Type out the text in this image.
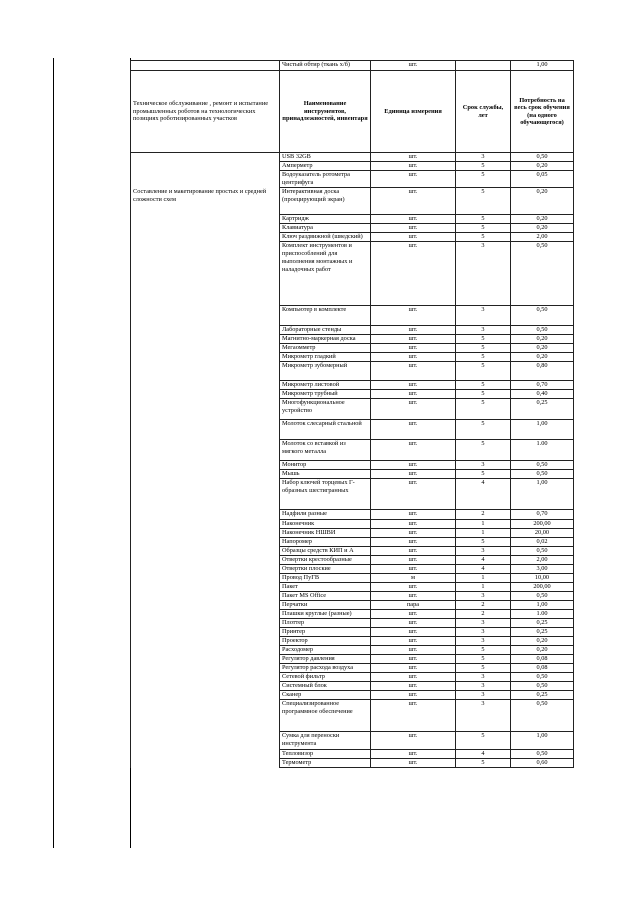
	Чистый обтир (ткань х/б)	шт.		1,00
Техническое обслуживание , ремонт и испытание промышленных роботов на технологических позициях роботизированных участков	Наименование инструментов, принадлежностей, инвентаря	Единица измерения	Срок службы, лет	Потребность на весь срок обучения (на одного обучающегося)
	USB 32GB	шт.	3	0,50
	Амперметр	шт.	5	0,20
	Водоуказатель ротометра центрифуга	шт.	5	0,05
Составление и макетирование простых и средней сложности схем	Интерактивная доска (проецирующий экран)	шт.	5	0,20
	Картридж	шт.	5	0,20
	Клавиатура	шт.	5	0,20
	Ключ раздвижной (шведский)	шт.	5	2,00
	Комплект инструментов и приспособлений для выполнения монтажных и наладочных работ	шт.	3	0,50
	Компьютер в комплекте	шт.	3	0,50
	Лабораторные стенды	шт.	3	0,50
	Магнитно-маркерная доска	шт.	5	0,20
	Мегаомметр	шт.	5	0,20
	Микрометр гладкий	шт.	5	0,20
	Микрометр зубомерный	шт.	5	0,80
	Микрометр листовой	шт.	5	0,70
	Микрометр трубный	шт.	5	0,40
	Многофункциональное устройство	шт.	5	0,25
	Молоток слесарный стальной	шт.	5	1,00
	Молоток со вставкой из мягкого металла	шт.	5	1.00
	Монитор	шт.	3	0,50
	Мышь	шт.	5	0,50
	Набор ключей торцевых Г-образных шестигранных	шт.	4	1,00
	Надфили разные	шт.	2	0,70
	Наконечник	шт.	1	200,00
	Наконечник НШВИ	шт.	1	20,00
	Напоромер	шт.	5	0,02
	Образцы средств КИП и А	шт.	3	0,50
	Отвертки крестообразные	шт.	4	2,00
	Отвертки плоские	шт.	4	3,00
	Провод ПуГВ	м	1	10,00
	Пакет	шт.	1	200,00
	Пакет MS Office	шт.	3	0,50
	Перчатки	пара	2	1,00
	Плашки круглые (разные)	шт.	2	1.00
	Плоттер	шт.	3	0,25
	Принтер	шт.	3	0,25
	Проектор	шт.	3	0,20
	Расходомер	шт.	5	0,20
	Регулятор давления	шт.	5	0,08
	Регулятор расхода воздуха	шт.	5	0,08
	Сетевой фильтр	шт.	3	0,50
	Системный блок	шт.	3	0,50
	Сканер	шт.	3	0,25
	Специализированное программное обеспечение	шт.	3	0,50
	Сумка для переноски инструмента	шт.	5	1,00
	Тепловизор	шт.	4	0,50
	Термометр	шт.	5	0,60
